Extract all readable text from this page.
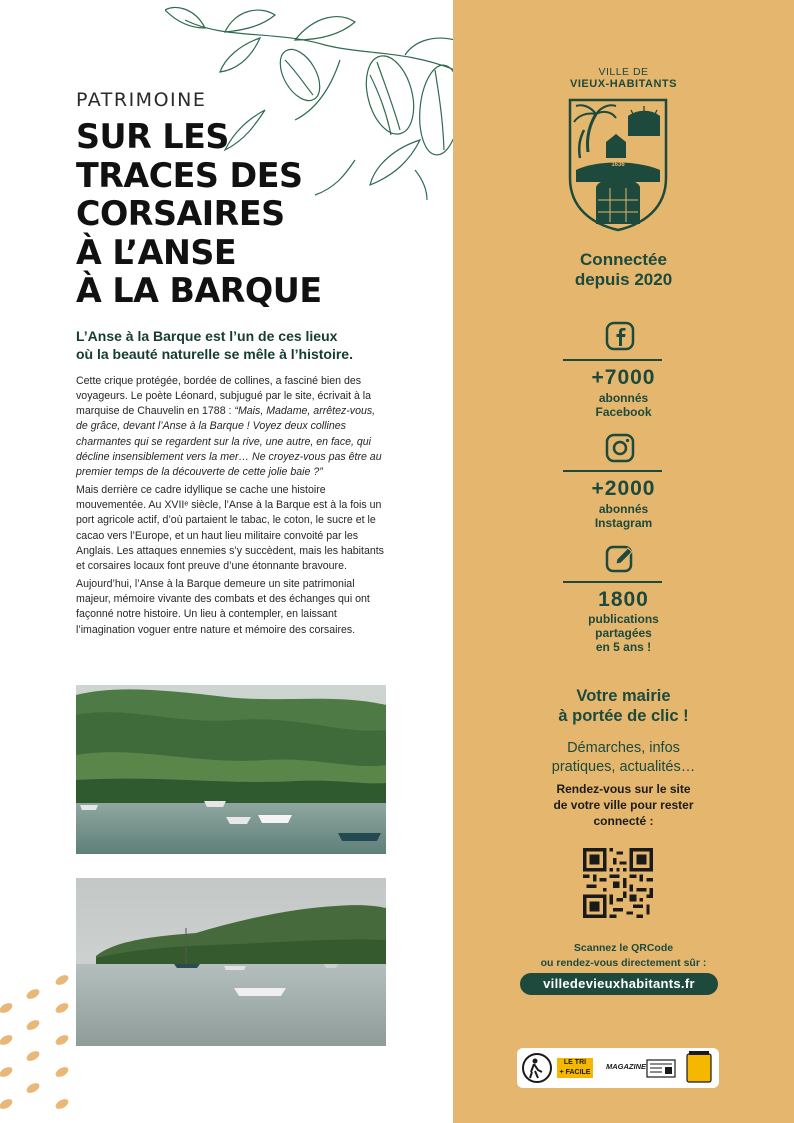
PATRIMOINE
SUR LES
TRACES DES
CORSAIRES
À L’ANSE
À LA BARQUE
L’Anse à la Barque est l’un de ces lieux
où la beauté naturelle se mêle à l’histoire.

Cette crique protégée, bordée de collines, a fasciné bien des voyageurs. Le poète Léonard, subjugué par le site, écrivait à la marquise de Chauvelin en 1788 : “Mais, Madame, arrêtez-vous, de grâce, devant l’Anse à la Barque ! Voyez deux collines charmantes qui se regardent sur la rive, une autre, en face, qui décline insensiblement vers la mer… Ne croyez-vous pas être au premier temps de la découverte de cette jolie baie ?”

Mais derrière ce cadre idyllique se cache une histoire mouvementée. Au XVIIᵉ siècle, l’Anse à la Barque est à la fois un port agricole actif, d’où partaient le tabac, le coton, le sucre et le cacao vers l’Europe, et un haut lieu militaire convoité par les Anglais. Les attaques ennemies s’y succèdent, mais les habitants et corsaires locaux font preuve d’une étonnante bravoure.

Aujourd’hui, l’Anse à la Barque demeure un site patrimonial majeur, mémoire vivante des combats et des échanges qui ont façonné notre histoire. Un lieu à contempler, en laissant l’imagination voguer entre nature et mémoire des corsaires.

VILLE DE
VIEUX-HABITANTS
1636
Connectée
depuis 2020
+7000
abonnés
Facebook
+2000
abonnés
Instagram
1800
publications
partagées
en 5 ans !
Votre mairie
à portée de clic !
Démarches, infos
pratiques, actualités…
Rendez-vous sur le site
de votre ville pour rester
connecté :
Scannez le QRCode
ou rendez-vous directement sûr :
villedevieuxhabitants.fr
LE TRI
+ FACILE
MAGAZINE
